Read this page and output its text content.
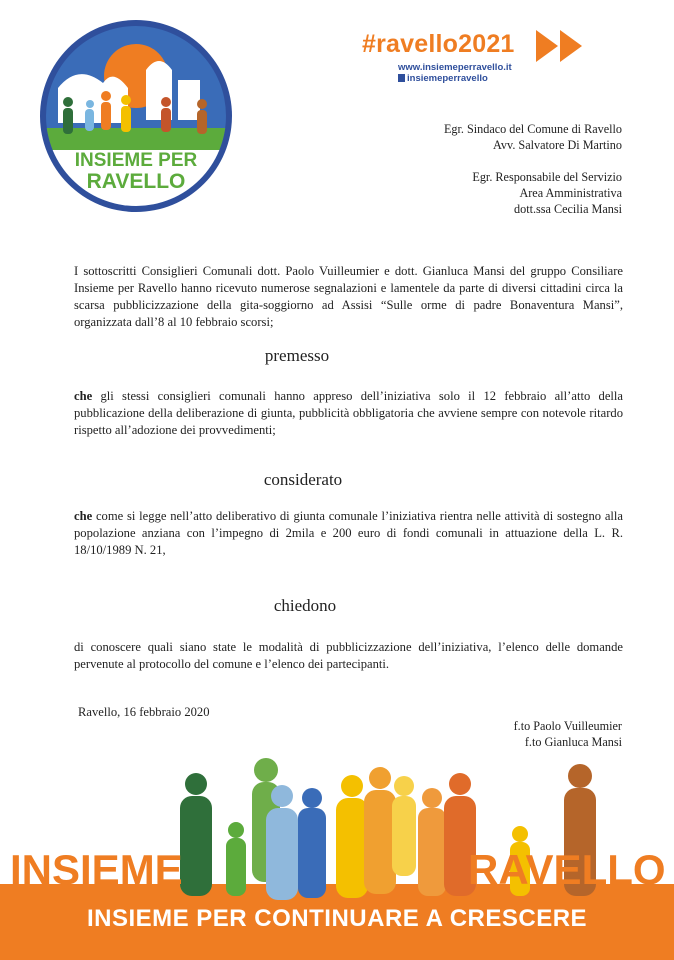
INSIEME PER
RAVELLO
#ravello2021
www.insiemeperravello.it
insiemeperravello
Egr. Sindaco del Comune di Ravello
Avv. Salvatore Di Martino
Egr. Responsabile del Servizio
Area Amministrativa
dott.ssa Cecilia Mansi
I sottoscritti Consiglieri Comunali dott. Paolo Vuilleumier e dott. Gianluca Mansi del gruppo Consiliare Insieme per Ravello hanno ricevuto numerose segnalazioni e lamentele da parte di diversi cittadini circa la scarsa pubblicizzazione della gita-soggiorno ad Assisi “Sulle orme di padre Bonaventura Mansi”, organizzata dall’8 al 10 febbraio scorsi;
premesso
che gli stessi consiglieri comunali hanno appreso dell’iniziativa solo il 12 febbraio all’atto della pubblicazione della deliberazione di giunta, pubblicità obbligatoria che avviene sempre con notevole ritardo rispetto all’adozione dei provvedimenti;
considerato
che come si legge nell’atto deliberativo di giunta comunale l’iniziativa rientra nelle attività di sostegno alla popolazione anziana con l’impegno di 2mila e 200 euro di fondi comunali in attuazione della L. R. 18/10/1989 N. 21,
chiedono
di conoscere quali siano state le modalità di pubblicizzazione dell’iniziativa, l’elenco delle domande pervenute al protocollo del comune e l’elenco dei partecipanti.
Ravello, 16 febbraio 2020
f.to Paolo Vuilleumier
f.to Gianluca Mansi
INSIEME	RAVELLO
INSIEME PER CONTINUARE A CRESCERE
